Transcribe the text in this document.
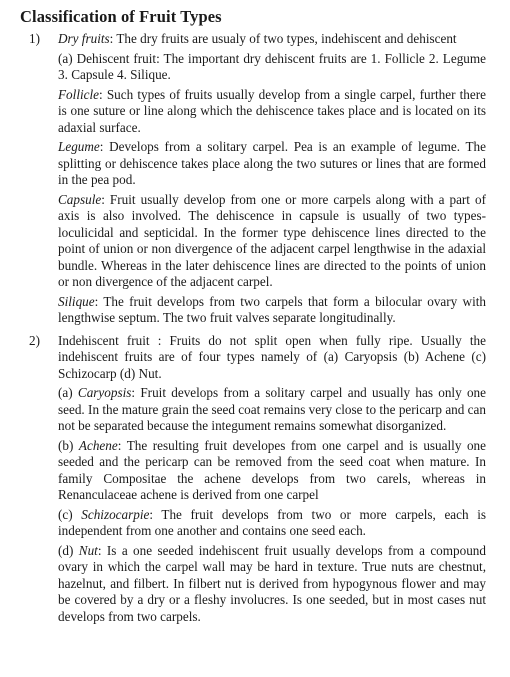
Classification of Fruit Types
1) Dry fruits: The dry fruits are usualy of two types, indehiscent and dehiscent

(a) Dehiscent fruit: The important dry dehiscent fruits are 1. Follicle 2. Legume 3. Capsule 4. Silique.

Follicle: Such types of fruits usually develop from a single carpel, further there is one suture or line along which the dehiscence takes place and is located on its adaxial surface.

Legume: Develops from a solitary carpel. Pea is an example of legume. The splitting or dehiscence takes place along the two sutures or lines that are formed in the pea pod.

Capsule: Fruit usually develop from one or more carpels along with a part of axis is also involved. The dehiscence in capsule is usually of two types- loculicidal and septicidal. In the former type dehiscence lines directed to the point of union or non divergence of the adjacent carpel lengthwise in the adaxial bundle. Whereas in the later dehiscence lines are directed to the points of union or non divergence of the adjacent carpel.

Silique: The fruit develops from two carpels that form a bilocular ovary with lengthwise septum. The two fruit valves separate longitudinally.

2) Indehiscent fruit : Fruits do not split open when fully ripe. Usually the indehiscent fruits are of four types namely of (a) Caryopsis (b) Achene (c) Schizocarp (d) Nut.

(a) Caryopsis: Fruit develops from a solitary carpel and usually has only one seed. In the mature grain the seed coat remains very close to the pericarp and can not be separated because the integument remains somewhat disorganized.

(b) Achene: The resulting fruit developes from one carpel and is usually one seeded and the pericarp can be removed from the seed coat when mature. In family Compositae the achene develops from two carels, whereas in Renanculaceae achene is derived from one carpel

(c) Schizocarpie: The fruit develops from two or more carpels, each is independent from one another and contains one seed each.

(d) Nut: Is a one seeded indehiscent fruit usually develops from a compound ovary in which the carpel wall may be hard in texture. True nuts are chestnut, hazelnut, and filbert. In filbert nut is derived from hypogynous flower and may be covered by a dry or a fleshy involucres. Is one seeded, but in most cases nut develops from two carpels.
